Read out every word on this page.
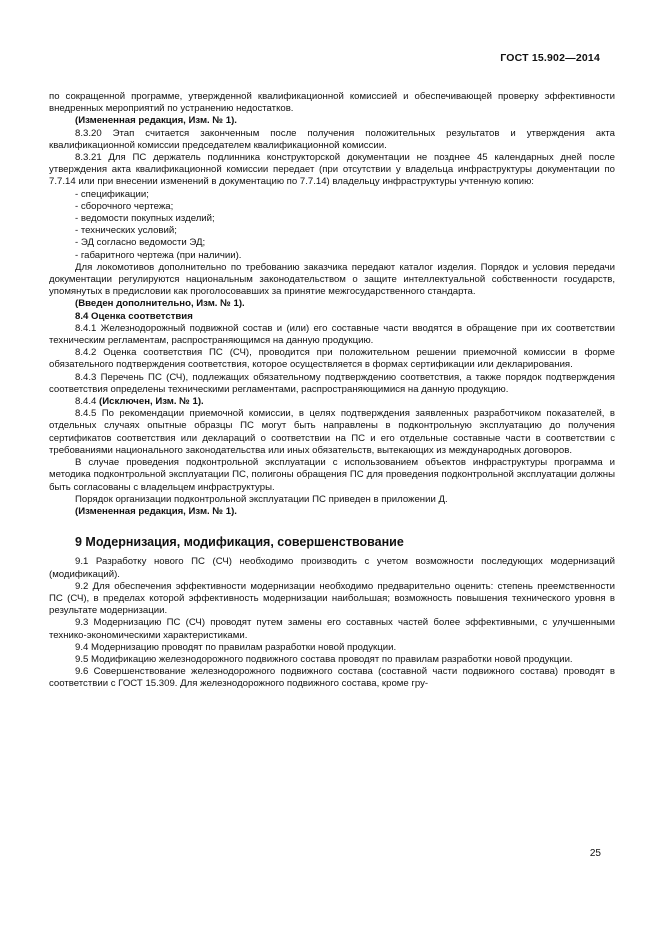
ГОСТ 15.902—2014

по сокращенной программе, утвержденной квалификационной комиссией и обеспечивающей проверку эффективности внедренных мероприятий по устранению недостатков.

(Измененная редакция, Изм. № 1).

8.3.20 Этап считается законченным после получения положительных результатов и утверждения акта квалификационной комиссии председателем квалификационной комиссии.

8.3.21 Для ПС держатель подлинника конструкторской документации не позднее 45 календарных дней после утверждения акта квалификационной комиссии передает (при отсутствии у владельца инфраструктуры документации по 7.7.14 или при внесении изменений в документацию по 7.7.14) владельцу инфраструктуры учтенную копию:

- спецификации;
- сборочного чертежа;
- ведомости покупных изделий;
- технических условий;
- ЭД согласно ведомости ЭД;
- габаритного чертежа (при наличии).

Для локомотивов дополнительно по требованию заказчика передают каталог изделия. Порядок и условия передачи документации регулируются национальным законодательством о защите интеллектуальной собственности государств, упомянутых в предисловии как проголосовавших за принятие межгосударственного стандарта.

(Введен дополнительно, Изм. № 1).

8.4 Оценка соответствия

8.4.1 Железнодорожный подвижной состав и (или) его составные части вводятся в обращение при их соответствии техническим регламентам, распространяющимся на данную продукцию.

8.4.2 Оценка соответствия ПС (СЧ), проводится при положительном решении приемочной комиссии в форме обязательного подтверждения соответствия, которое осуществляется в формах сертификации или декларирования.

8.4.3 Перечень ПС (СЧ), подлежащих обязательному подтверждению соответствия, а также порядок подтверждения соответствия определены техническими регламентами, распространяющимися на данную продукцию.

8.4.4 (Исключен, Изм. № 1).

8.4.5 По рекомендации приемочной комиссии, в целях подтверждения заявленных разработчиком показателей, в отдельных случаях опытные образцы ПС могут быть направлены в подконтрольную эксплуатацию до получения сертификатов соответствия или деклараций о соответствии на ПС и его отдельные составные части в соответствии с требованиями национального законодательства или иных обязательств, вытекающих из международных договоров.

В случае проведения подконтрольной эксплуатации с использованием объектов инфраструктуры программа и методика подконтрольной эксплуатации ПС, полигоны обращения ПС для проведения подконтрольной эксплуатации должны быть согласованы с владельцем инфраструктуры.

Порядок организации подконтрольной эксплуатации ПС приведен в приложении Д.

(Измененная редакция, Изм. № 1).

9 Модернизация, модификация, совершенствование

9.1 Разработку нового ПС (СЧ) необходимо производить с учетом возможности последующих модернизаций (модификаций).

9.2 Для обеспечения эффективности модернизации необходимо предварительно оценить: степень преемственности ПС (СЧ), в пределах которой эффективность модернизации наибольшая; возможность повышения технического уровня в результате модернизации.

9.3 Модернизацию ПС (СЧ) проводят путем замены его составных частей более эффективными, с улучшенными технико-экономическими характеристиками.

9.4 Модернизацию проводят по правилам разработки новой продукции.

9.5 Модификацию железнодорожного подвижного состава проводят по правилам разработки новой продукции.

9.6 Совершенствование железнодорожного подвижного состава (составной части подвижного состава) проводят в соответствии с ГОСТ 15.309. Для железнодорожного подвижного состава, кроме гру-

25
